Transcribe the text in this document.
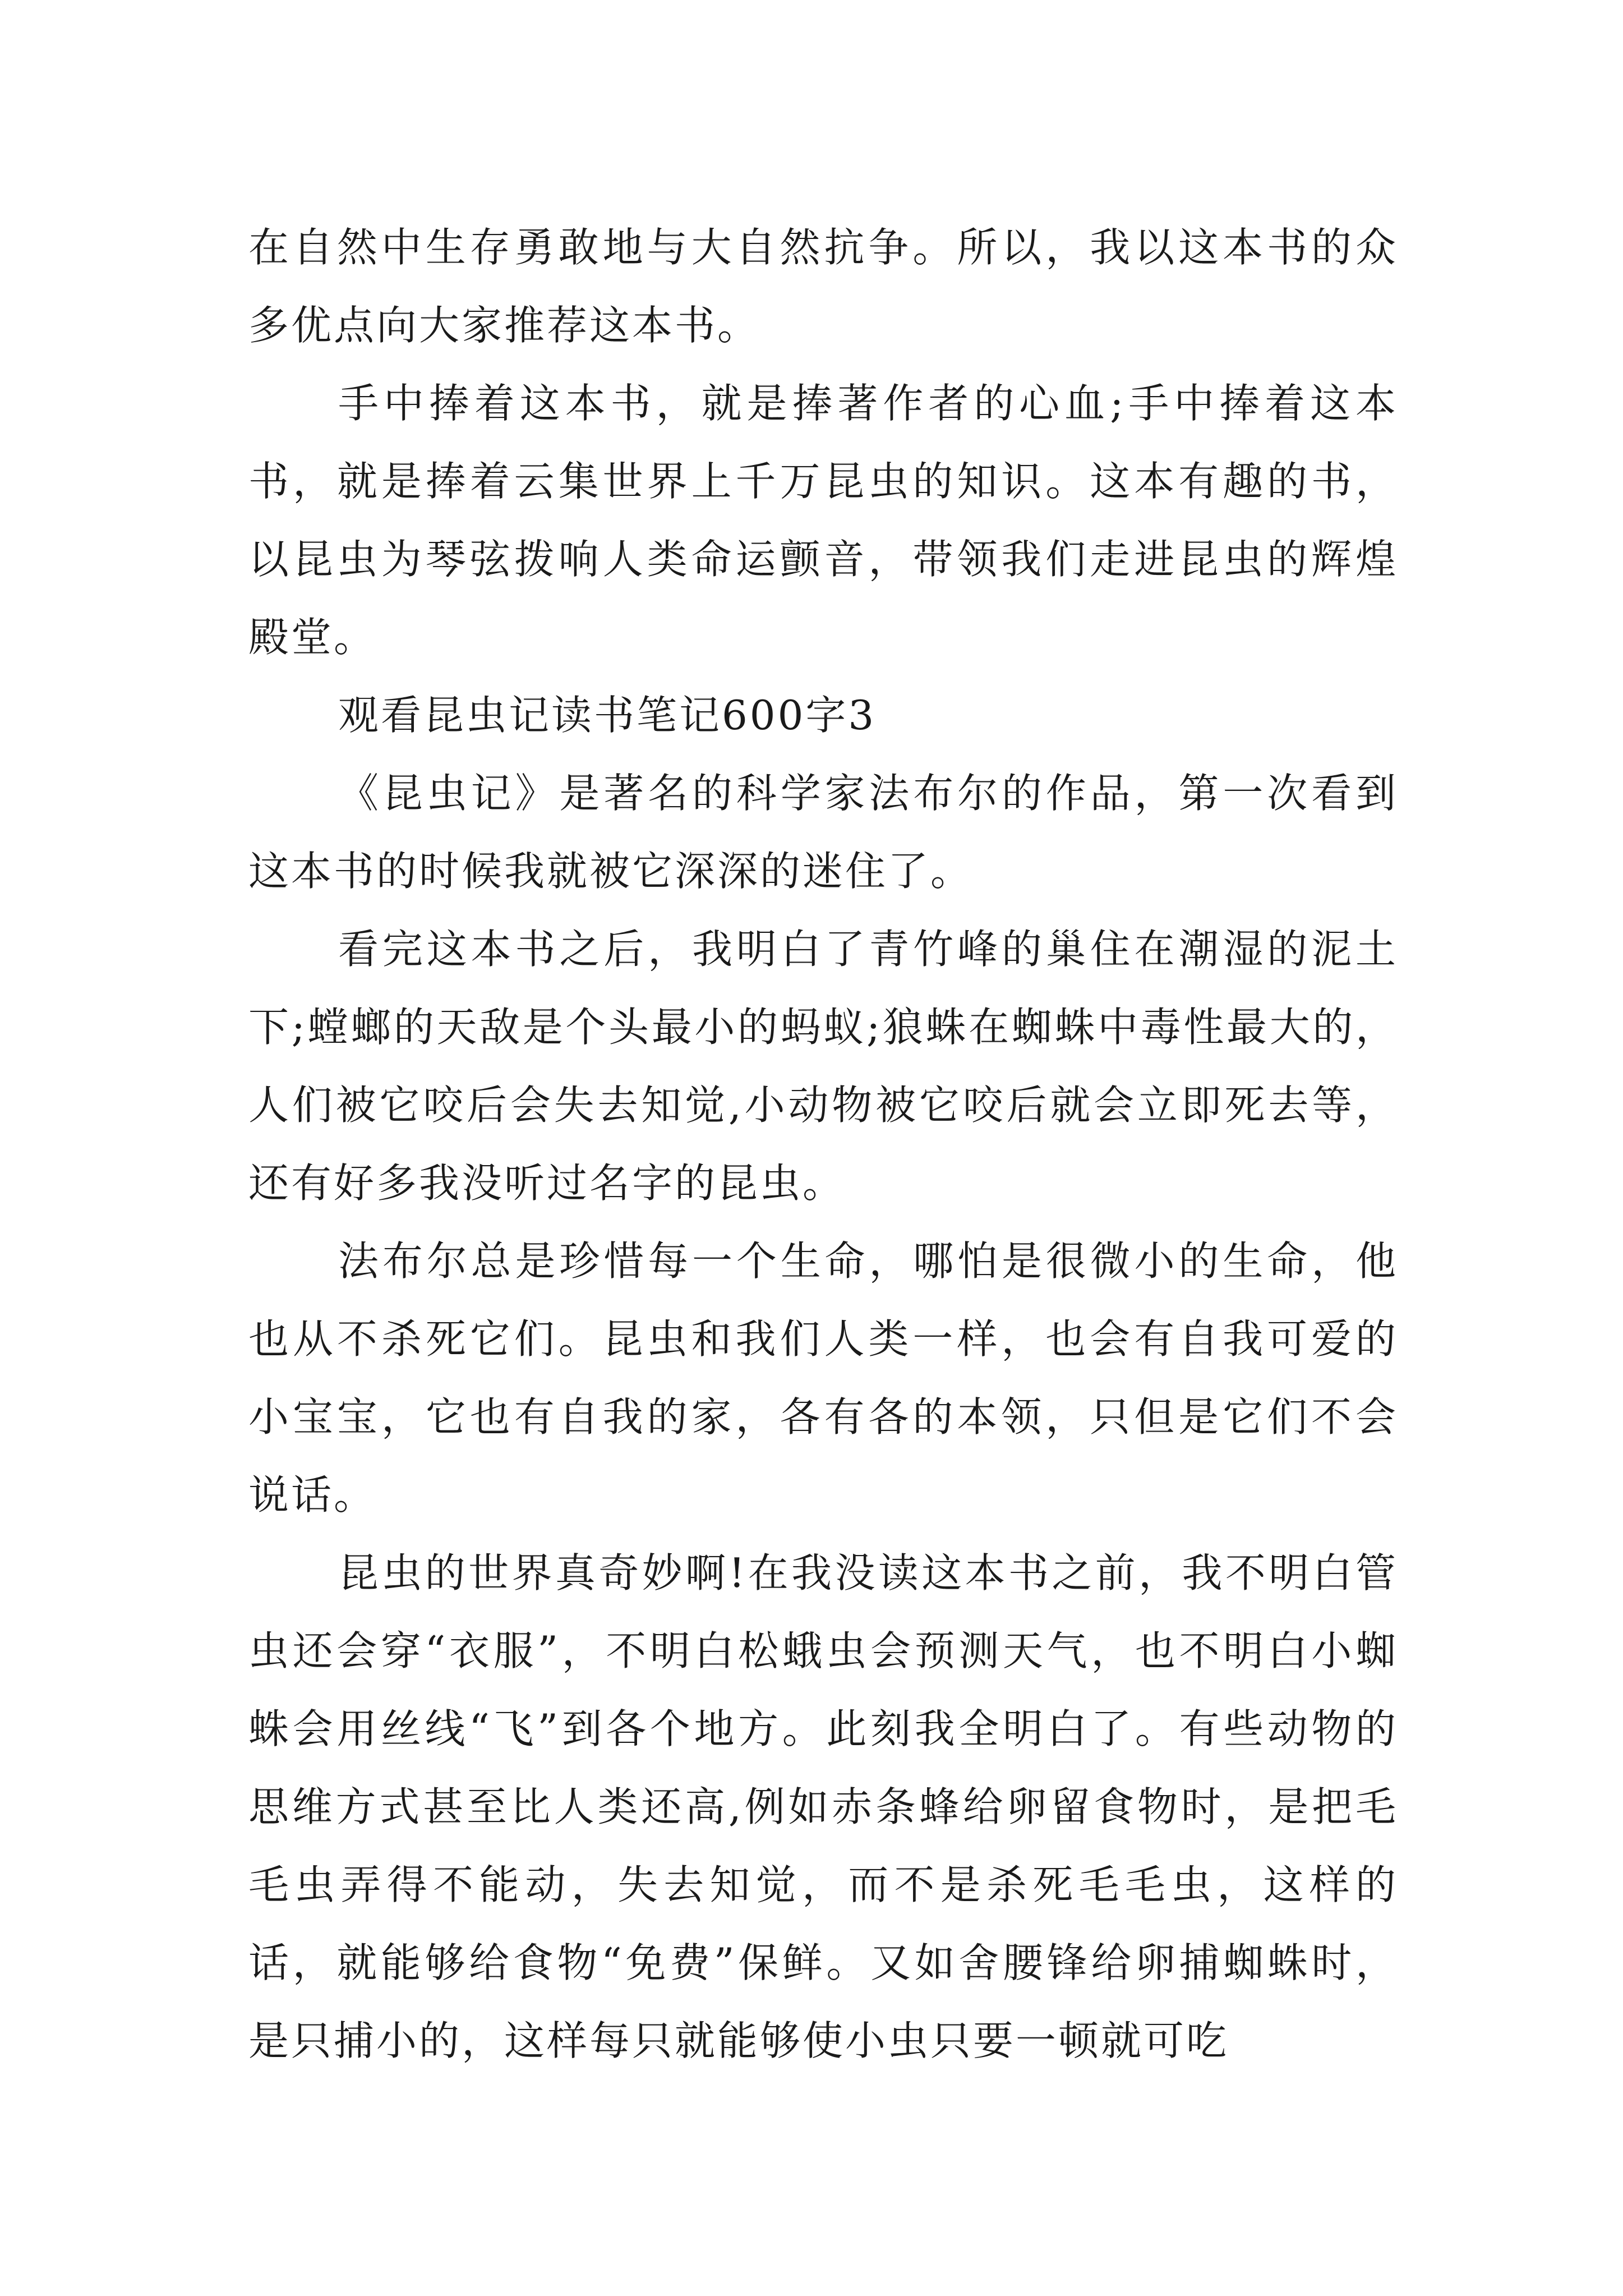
在自然中生存勇敢地与大自然抗争。所以，我以这本书的众多优点向大家推荐这本书。

手中捧着这本书，就是捧著作者的心血;手中捧着这本书，就是捧着云集世界上千万昆虫的知识。这本有趣的书，以昆虫为琴弦拨响人类命运颤音，带领我们走进昆虫的辉煌殿堂。

观看昆虫记读书笔记600字3

《昆虫记》是著名的科学家法布尔的作品，第一次看到这本书的时候我就被它深深的迷住了。

看完这本书之后，我明白了青竹峰的巢住在潮湿的泥土下;螳螂的天敌是个头最小的蚂蚁;狼蛛在蜘蛛中毒性最大的，人们被它咬后会失去知觉,小动物被它咬后就会立即死去等，还有好多我没听过名字的昆虫。

法布尔总是珍惜每一个生命，哪怕是很微小的生命，他也从不杀死它们。昆虫和我们人类一样，也会有自我可爱的小宝宝，它也有自我的家，各有各的本领，只但是它们不会说话。

昆虫的世界真奇妙啊!在我没读这本书之前，我不明白管虫还会穿“衣服”，不明白松蛾虫会预测天气，也不明白小蜘蛛会用丝线“飞”到各个地方。此刻我全明白了。有些动物的思维方式甚至比人类还高,例如赤条蜂给卵留食物时，是把毛毛虫弄得不能动，失去知觉，而不是杀死毛毛虫，这样的话，就能够给食物“免费”保鲜。又如舍腰锋给卵捕蜘蛛时，是只捕小的，这样每只就能够使小虫只要一顿就可吃
